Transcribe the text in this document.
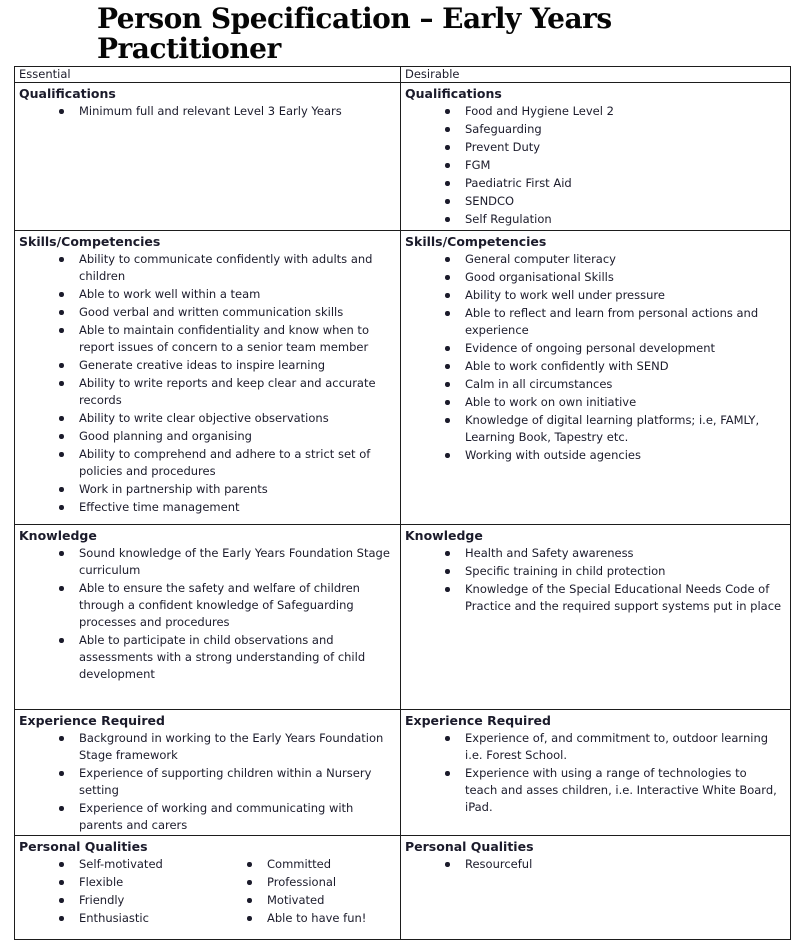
Person Specification – Early Years Practitioner
Essential	Desirable

Qualifications
Minimum full and relevant Level 3 Early Years

Qualifications
Food and Hygiene Level 2
Safeguarding
Prevent Duty
FGM
Paediatric First Aid
SENDCO
Self Regulation

Skills/Competencies
Ability to communicate confidently with adults and children
Able to work well within a team
Good verbal and written communication skills
Able to maintain confidentiality and know when to report issues of concern to a senior team member
Generate creative ideas to inspire learning
Ability to write reports and keep clear and accurate records
Ability to write clear objective observations
Good planning and organising
Ability to comprehend and adhere to a strict set of policies and procedures
Work in partnership with parents
Effective time management

Skills/Competencies
General computer literacy
Good organisational Skills
Ability to work well under pressure
Able to reflect and learn from personal actions and experience
Evidence of ongoing personal development
Able to work confidently with SEND
Calm in all circumstances
Able to work on own initiative
Knowledge of digital learning platforms; i.e, FAMLY, Learning Book, Tapestry etc.
Working with outside agencies

Knowledge
Sound knowledge of the Early Years Foundation Stage curriculum
Able to ensure the safety and welfare of children through a confident knowledge of Safeguarding processes and procedures
Able to participate in child observations and assessments with a strong understanding of child development

Knowledge
Health and Safety awareness
Specific training in child protection
Knowledge of the Special Educational Needs Code of Practice and the required support systems put in place

Experience Required
Background in working to the Early Years Foundation Stage framework
Experience of supporting children within a Nursery setting
Experience of working and communicating with parents and carers

Experience Required
Experience of, and commitment to, outdoor learning i.e. Forest School.
Experience with using a range of technologies to teach and asses children, i.e. Interactive White Board, iPad.

Personal Qualities
Self-motivated
Flexible
Friendly
Enthusiastic
Committed
Professional
Motivated
Able to have fun!

Personal Qualities
Resourceful
